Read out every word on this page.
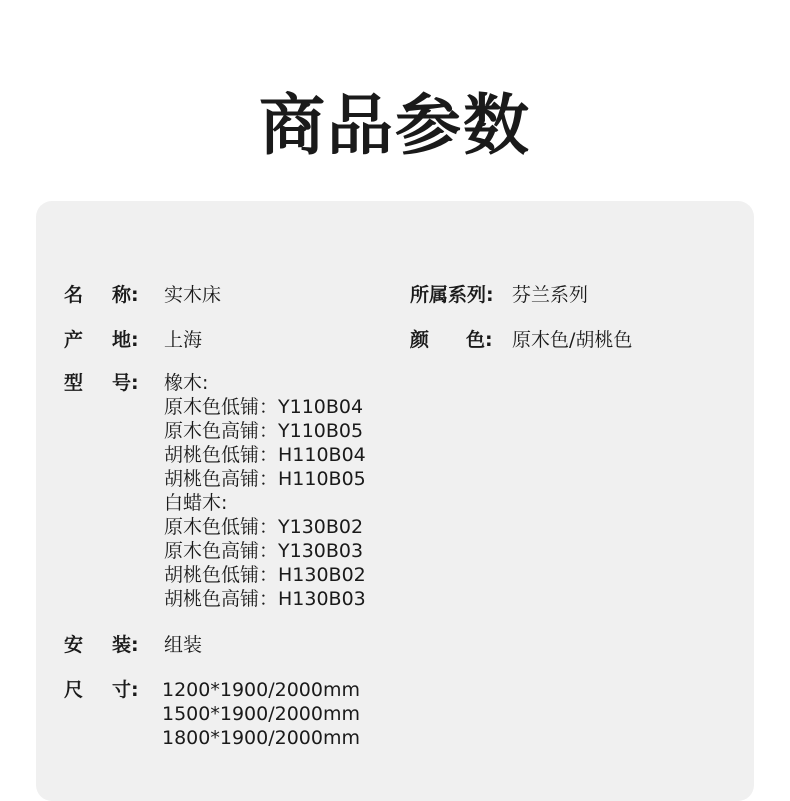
商品参数
名 称: 实木床	所属系列: 芬兰系列
产 地: 上海	颜 色: 原木色/胡桃色
型 号: 橡木:
原木色低铺：Y110B04
原木色高铺：Y110B05
胡桃色低铺：H110B04
胡桃色高铺：H110B05
白蜡木:
原木色低铺：Y130B02
原木色高铺：Y130B03
胡桃色低铺：H130B02
胡桃色高铺：H130B03
安 装: 组装
尺 寸: 1200*1900/2000mm
1500*1900/2000mm
1800*1900/2000mm
